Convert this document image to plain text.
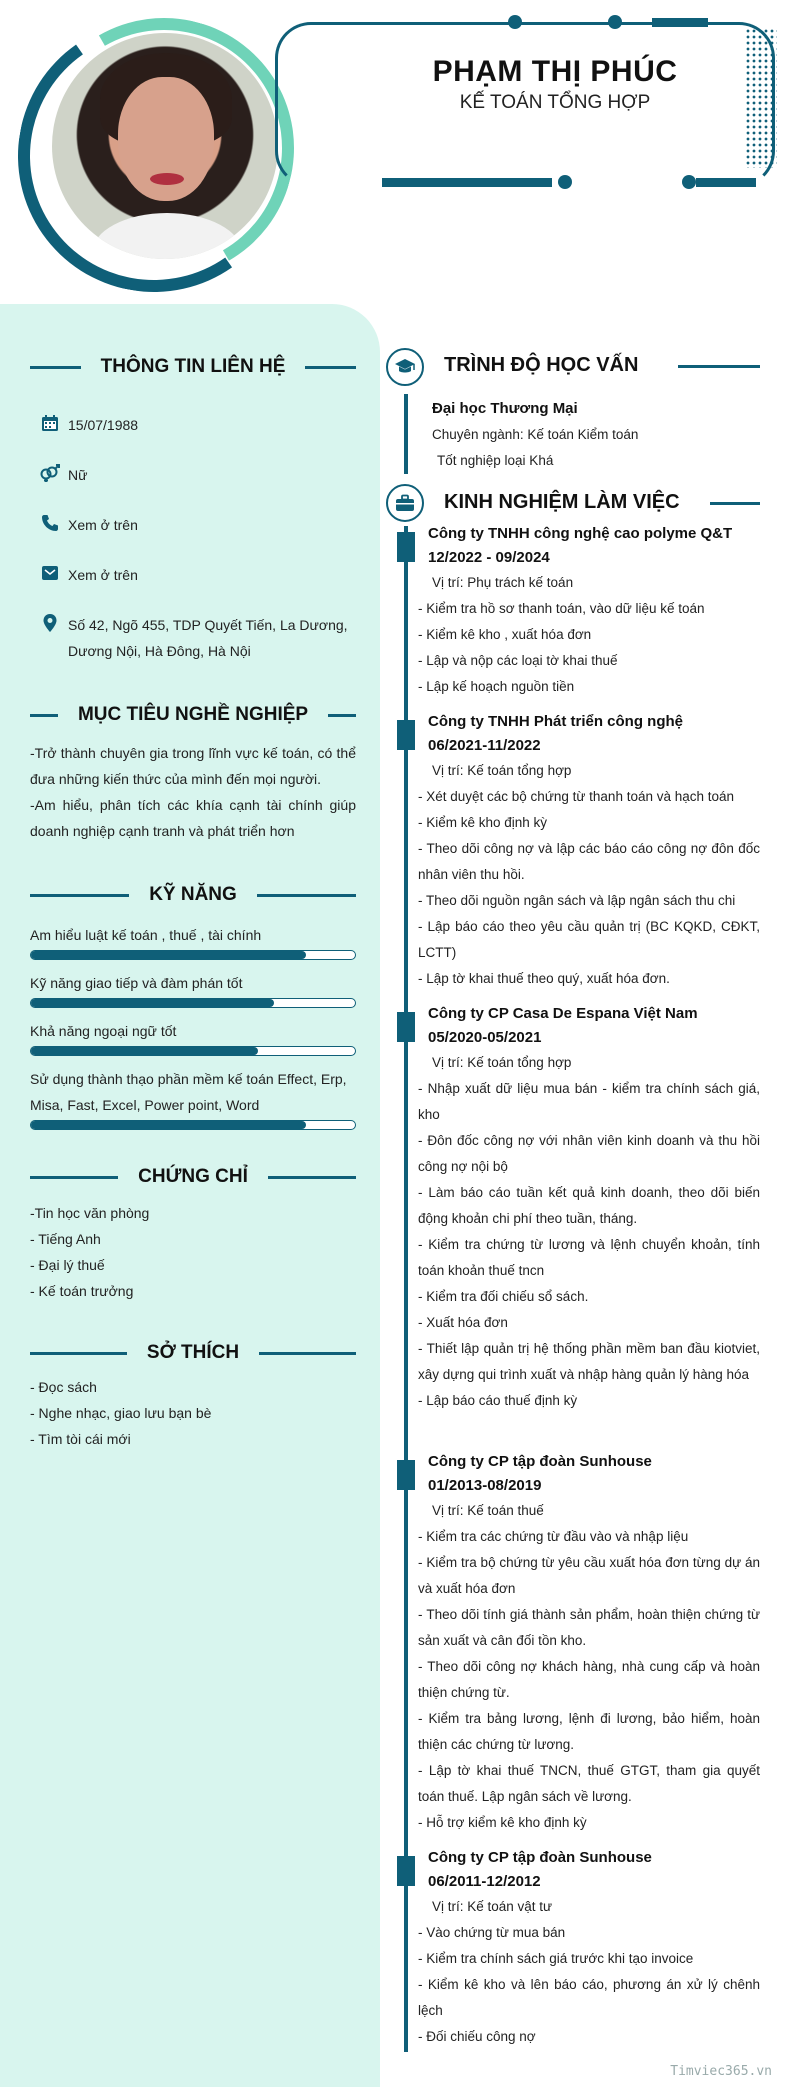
PHẠM THỊ PHÚC
KẾ TOÁN TỔNG HỢP
THÔNG TIN LIÊN HỆ
15/07/1988
Nữ
Xem ở trên
Xem ở trên
Số 42, Ngõ 455, TDP Quyết Tiến, La Dương, Dương Nội, Hà Đông, Hà Nội
MỤC TIÊU NGHỀ NGHIỆP
-Trở thành chuyên gia trong lĩnh vực kế toán, có thể đưa những kiến thức của mình đến mọi người.
-Am hiểu, phân tích các khía cạnh tài chính giúp doanh nghiệp cạnh tranh và phát triển hơn
KỸ NĂNG
Am hiểu luật kế toán , thuế , tài chính
Kỹ năng giao tiếp và đàm phán tốt
Khả năng ngoại ngữ tốt
Sử dụng thành thạo phần mềm kế toán Effect, Erp, Misa, Fast, Excel, Power point, Word
CHỨNG CHỈ
-Tin học văn phòng
- Tiếng Anh
- Đại lý thuế
- Kế toán trưởng
SỞ THÍCH
- Đọc sách
- Nghe nhạc, giao lưu bạn bè
- Tìm tòi cái mới
TRÌNH ĐỘ HỌC VẤN
Đại học Thương Mại
Chuyên ngành: Kế toán Kiểm toán
Tốt nghiệp loại Khá
KINH NGHIỆM LÀM VIỆC
Công ty TNHH công nghệ cao polyme Q&T
12/2022 - 09/2024
Vị trí: Phụ trách kế toán
- Kiểm tra hồ sơ thanh toán, vào dữ liệu kế toán
- Kiểm kê kho , xuất hóa đơn
- Lập và nộp các loại tờ khai thuế
- Lập kế hoạch nguồn tiền
Công ty TNHH Phát triển công nghệ
06/2021-11/2022
Vị trí: Kế toán tổng hợp
- Xét duyệt các bộ chứng từ thanh toán và hạch toán
- Kiểm kê kho định kỳ
- Theo dõi công nợ và lập các báo cáo công nợ đôn đốc nhân viên thu hồi.
- Theo dõi nguồn ngân sách và lập ngân sách thu chi
- Lập báo cáo theo yêu cầu quản trị (BC KQKD, CĐKT, LCTT)
- Lập tờ khai thuế theo quý, xuất hóa đơn.
Công ty CP Casa De Espana Việt Nam
05/2020-05/2021
Vị trí: Kế toán tổng hợp
- Nhập xuất dữ liệu mua bán - kiểm tra chính sách giá, kho
- Đôn đốc công nợ với nhân viên kinh doanh và thu hồi công nợ nội bộ
- Làm báo cáo tuần kết quả kinh doanh, theo dõi biến động khoản chi phí theo tuần, tháng.
- Kiểm tra chứng từ lương và lệnh chuyển khoản, tính toán khoản thuế tncn
- Kiểm tra đối chiếu sổ sách.
- Xuất hóa đơn
- Thiết lập quản trị hệ thống phần mềm ban đầu kiotviet, xây dựng qui trình xuất và nhập hàng quản lý hàng hóa
- Lập báo cáo thuế định kỳ
Công ty CP tập đoàn Sunhouse
01/2013-08/2019
Vị trí: Kế toán thuế
- Kiểm tra các chứng từ đầu vào và nhập liệu
- Kiểm tra bộ chứng từ yêu cầu xuất hóa đơn từng dự án và xuất hóa đơn
- Theo dõi tính giá thành sản phẩm, hoàn thiện chứng từ sản xuất và cân đối tồn kho.
- Theo dõi công nợ khách hàng, nhà cung cấp và hoàn thiện chứng từ.
- Kiểm tra bảng lương, lệnh đi lương, bảo hiểm, hoàn thiện các chứng từ lương.
- Lập tờ khai thuế TNCN, thuế GTGT, tham gia quyết toán thuế. Lập ngân sách về lương.
- Hỗ trợ kiểm kê kho định kỳ
Công ty CP tập đoàn Sunhouse
06/2011-12/2012
Vị trí: Kế toán vật tư
- Vào chứng từ mua bán
- Kiểm tra chính sách giá trước khi tạo invoice
- Kiểm kê kho và lên báo cáo, phương án xử lý chênh lệch
- Đối chiếu công nợ
Timviec365.vn
